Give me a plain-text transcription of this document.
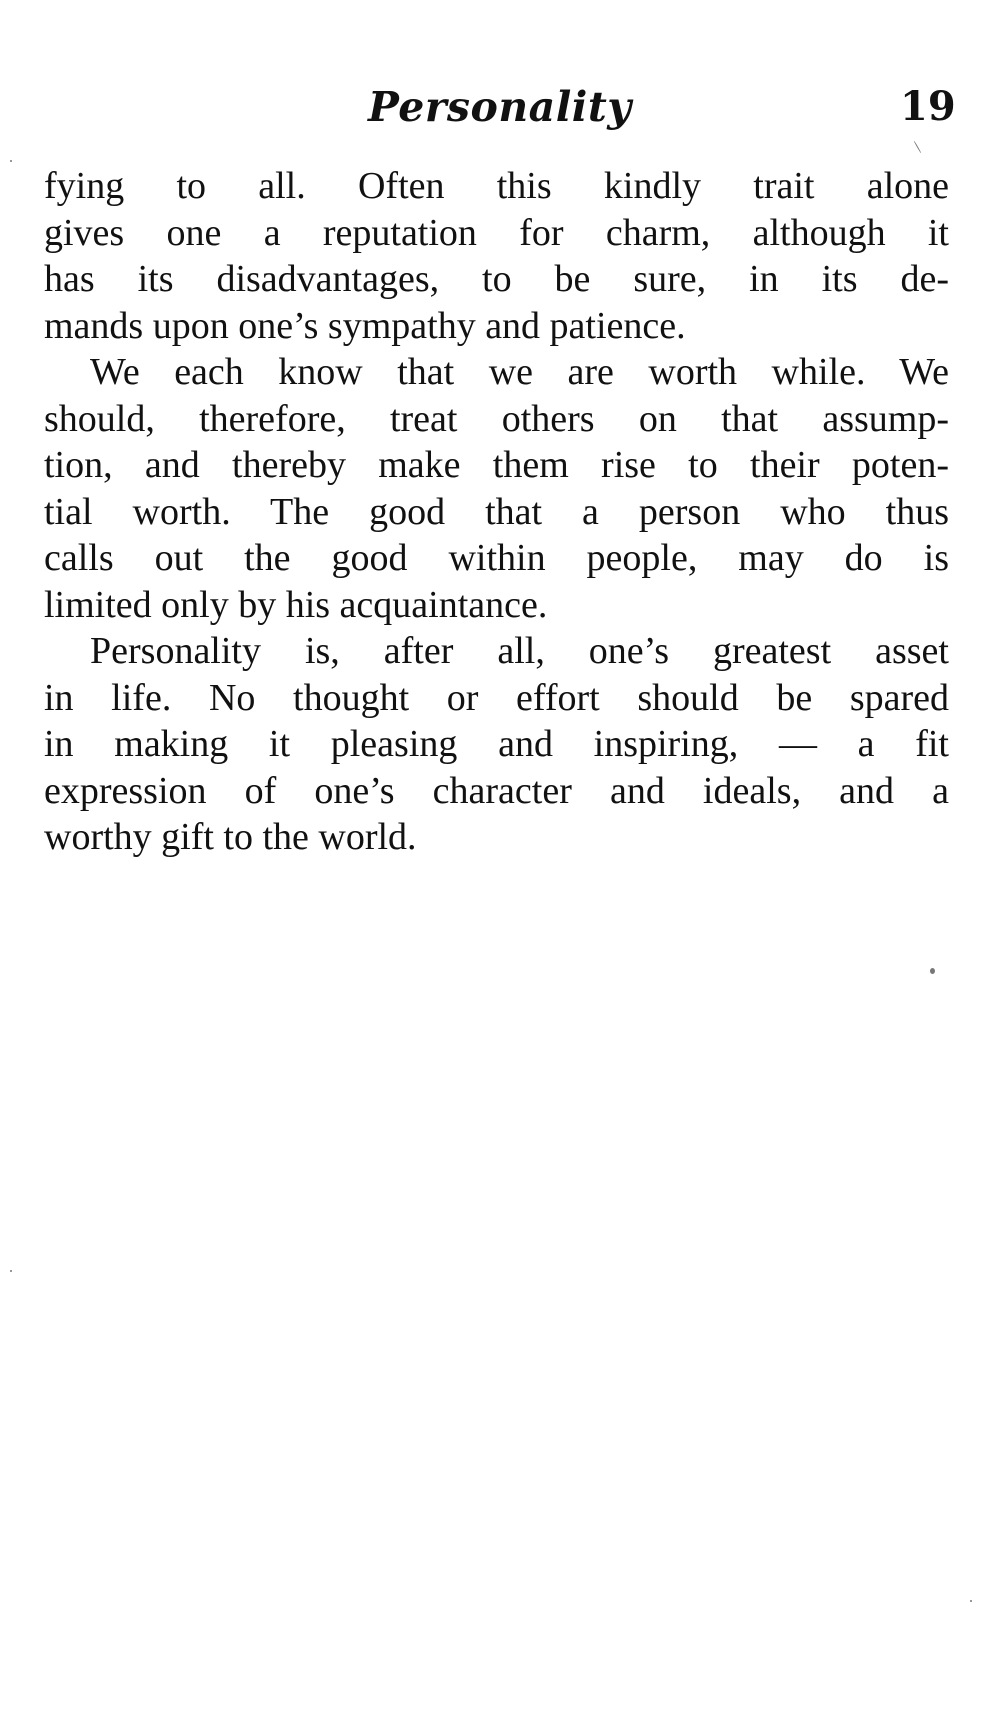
Personality	19
fying to all. Often this kindly trait alone
gives one a reputation for charm, although it
has its disadvantages, to be sure, in its de-
mands upon one’s sympathy and patience.
We each know that we are worth while. We
should, therefore, treat others on that assump-
tion, and thereby make them rise to their poten-
tial worth. The good that a person who thus
calls out the good within people, may do is
limited only by his acquaintance.
Personality is, after all, one’s greatest asset
in life. No thought or effort should be spared
in making it pleasing and inspiring, — a fit
expression of one’s character and ideals, and a
worthy gift to the world.
